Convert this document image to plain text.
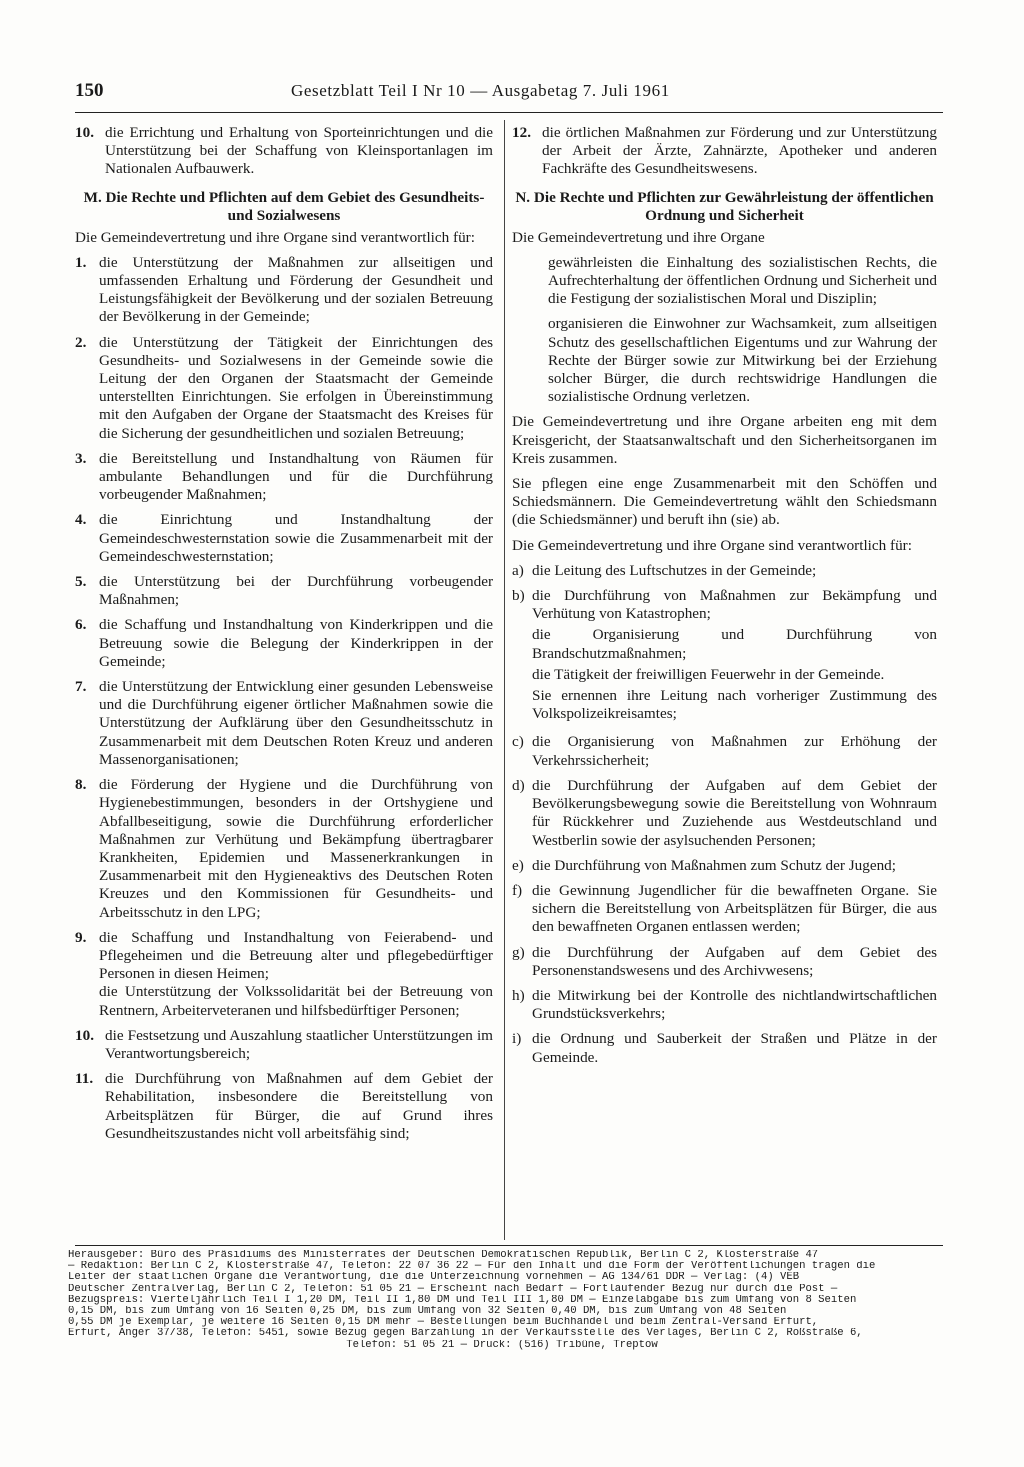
150	Gesetzblatt Teil I Nr 10 — Ausgabetag 7. Juli 1961
10. die Errichtung und Erhaltung von Sporteinrichtungen und die Unterstützung bei der Schaffung von Kleinsportanlagen im Nationalen Aufbauwerk.
M. Die Rechte und Pflichten auf dem Gebiet des Gesundheits- und Sozialwesens
Die Gemeindevertretung und ihre Organe sind verantwortlich für:
1. die Unterstützung der Maßnahmen zur allseitigen und umfassenden Erhaltung und Förderung der Gesundheit und Leistungsfähigkeit der Bevölkerung und der sozialen Betreuung der Bevölkerung in der Gemeinde;
2. die Unterstützung der Tätigkeit der Einrichtungen des Gesundheits- und Sozialwesens in der Gemeinde sowie die Leitung der den Organen der Staatsmacht der Gemeinde unterstellten Einrichtungen. Sie erfolgen in Übereinstimmung mit den Aufgaben der Organe der Staatsmacht des Kreises für die Sicherung der gesundheitlichen und sozialen Betreuung;
3. die Bereitstellung und Instandhaltung von Räumen für ambulante Behandlungen und für die Durchführung vorbeugender Maßnahmen;
4. die Einrichtung und Instandhaltung der Gemeindeschwesternstation sowie die Zusammenarbeit mit der Gemeindeschwesternstation;
5. die Unterstützung bei der Durchführung vorbeugender Maßnahmen;
6. die Schaffung und Instandhaltung von Kinderkrippen und die Betreuung sowie die Belegung der Kinderkrippen in der Gemeinde;
7. die Unterstützung der Entwicklung einer gesunden Lebensweise und die Durchführung eigener örtlicher Maßnahmen sowie die Unterstützung der Aufklärung über den Gesundheitsschutz in Zusammenarbeit mit dem Deutschen Roten Kreuz und anderen Massenorganisationen;
8. die Förderung der Hygiene und die Durchführung von Hygienebestimmungen, besonders in der Ortshygiene und Abfallbeseitigung, sowie die Durchführung erforderlicher Maßnahmen zur Verhütung und Bekämpfung übertragbarer Krankheiten, Epidemien und Massenerkrankungen in Zusammenarbeit mit den Hygieneaktivs des Deutschen Roten Kreuzes und den Kommissionen für Gesundheits- und Arbeitsschutz in den LPG;
9. die Schaffung und Instandhaltung von Feierabend- und Pflegeheimen und die Betreuung alter und pflegebedürftiger Personen in diesen Heimen;
die Unterstützung der Volkssolidarität bei der Betreuung von Rentnern, Arbeiterveteranen und hilfsbedürftiger Personen;
10. die Festsetzung und Auszahlung staatlicher Unterstützungen im Verantwortungsbereich;
11. die Durchführung von Maßnahmen auf dem Gebiet der Rehabilitation, insbesondere die Bereitstellung von Arbeitsplätzen für Bürger, die auf Grund ihres Gesundheitszustandes nicht voll arbeitsfähig sind;
12. die örtlichen Maßnahmen zur Förderung und zur Unterstützung der Arbeit der Ärzte, Zahnärzte, Apotheker und anderen Fachkräfte des Gesundheitswesens.
N. Die Rechte und Pflichten zur Gewährleistung der öffentlichen Ordnung und Sicherheit
Die Gemeindevertretung und ihre Organe
gewährleisten die Einhaltung des sozialistischen Rechts, die Aufrechterhaltung der öffentlichen Ordnung und Sicherheit und die Festigung der sozialistischen Moral und Disziplin;
organisieren die Einwohner zur Wachsamkeit, zum allseitigen Schutz des gesellschaftlichen Eigentums und zur Wahrung der Rechte der Bürger sowie zur Mitwirkung bei der Erziehung solcher Bürger, die durch rechtswidrige Handlungen die sozialistische Ordnung verletzen.
Die Gemeindevertretung und ihre Organe arbeiten eng mit dem Kreisgericht, der Staatsanwaltschaft und den Sicherheitsorganen im Kreis zusammen.
Sie pflegen eine enge Zusammenarbeit mit den Schöffen und Schiedsmännern. Die Gemeindevertretung wählt den Schiedsmann (die Schiedsmänner) und beruft ihn (sie) ab.
Die Gemeindevertretung und ihre Organe sind verantwortlich für:
a) die Leitung des Luftschutzes in der Gemeinde;
b) die Durchführung von Maßnahmen zur Bekämpfung und Verhütung von Katastrophen;
die Organisierung und Durchführung von Brandschutzmaßnahmen;
die Tätigkeit der freiwilligen Feuerwehr in der Gemeinde.
Sie ernennen ihre Leitung nach vorheriger Zustimmung des Volkspolizeikreisamtes;
c) die Organisierung von Maßnahmen zur Erhöhung der Verkehrssicherheit;
d) die Durchführung der Aufgaben auf dem Gebiet der Bevölkerungsbewegung sowie die Bereitstellung von Wohnraum für Rückkehrer und Zuziehende aus Westdeutschland und Westberlin sowie der asylsuchenden Personen;
e) die Durchführung von Maßnahmen zum Schutz der Jugend;
f) die Gewinnung Jugendlicher für die bewaffneten Organe. Sie sichern die Bereitstellung von Arbeitsplätzen für Bürger, die aus den bewaffneten Organen entlassen werden;
g) die Durchführung der Aufgaben auf dem Gebiet des Personenstandswesens und des Archivwesens;
h) die Mitwirkung bei der Kontrolle des nichtlandwirtschaftlichen Grundstücksverkehrs;
i) die Ordnung und Sauberkeit der Straßen und Plätze in der Gemeinde.
Herausgeber: Büro des Präsidiums des Ministerrates der Deutschen Demokratischen Republik, Berlin C 2, Klosterstraße 47
— Redaktion: Berlin C 2, Klosterstraße 47, Telefon: 22 07 36 22 — Für den Inhalt und die Form der Veröffentlichungen tragen die
Leiter der staatlichen Organe die Verantwortung, die die Unterzeichnung vornehmen — AG 134/61 DDR — Verlag: (4) VEB
Deutscher Zentralverlag, Berlin C 2, Telefon: 51 05 21 — Erscheint nach Bedarf — Fortlaufender Bezug nur durch die Post —
Bezugspreis: Vierteljährlich Teil I 1,20 DM, Teil II 1,80 DM und Teil III 1,80 DM — Einzelabgabe bis zum Umfang von 8 Seiten
0,15 DM, bis zum Umfang von 16 Seiten 0,25 DM, bis zum Umfang von 32 Seiten 0,40 DM, bis zum Umfang von 48 Seiten
0,55 DM je Exemplar, je weitere 16 Seiten 0,15 DM mehr — Bestellungen beim Buchhandel und beim Zentral-Versand Erfurt,
Erfurt, Anger 37/38, Telefon: 5451, sowie Bezug gegen Barzahlung in der Verkaufsstelle des Verlages, Berlin C 2, Roßstraße 6,
Telefon: 51 05 21 — Druck: (516) Tribüne, Treptow
